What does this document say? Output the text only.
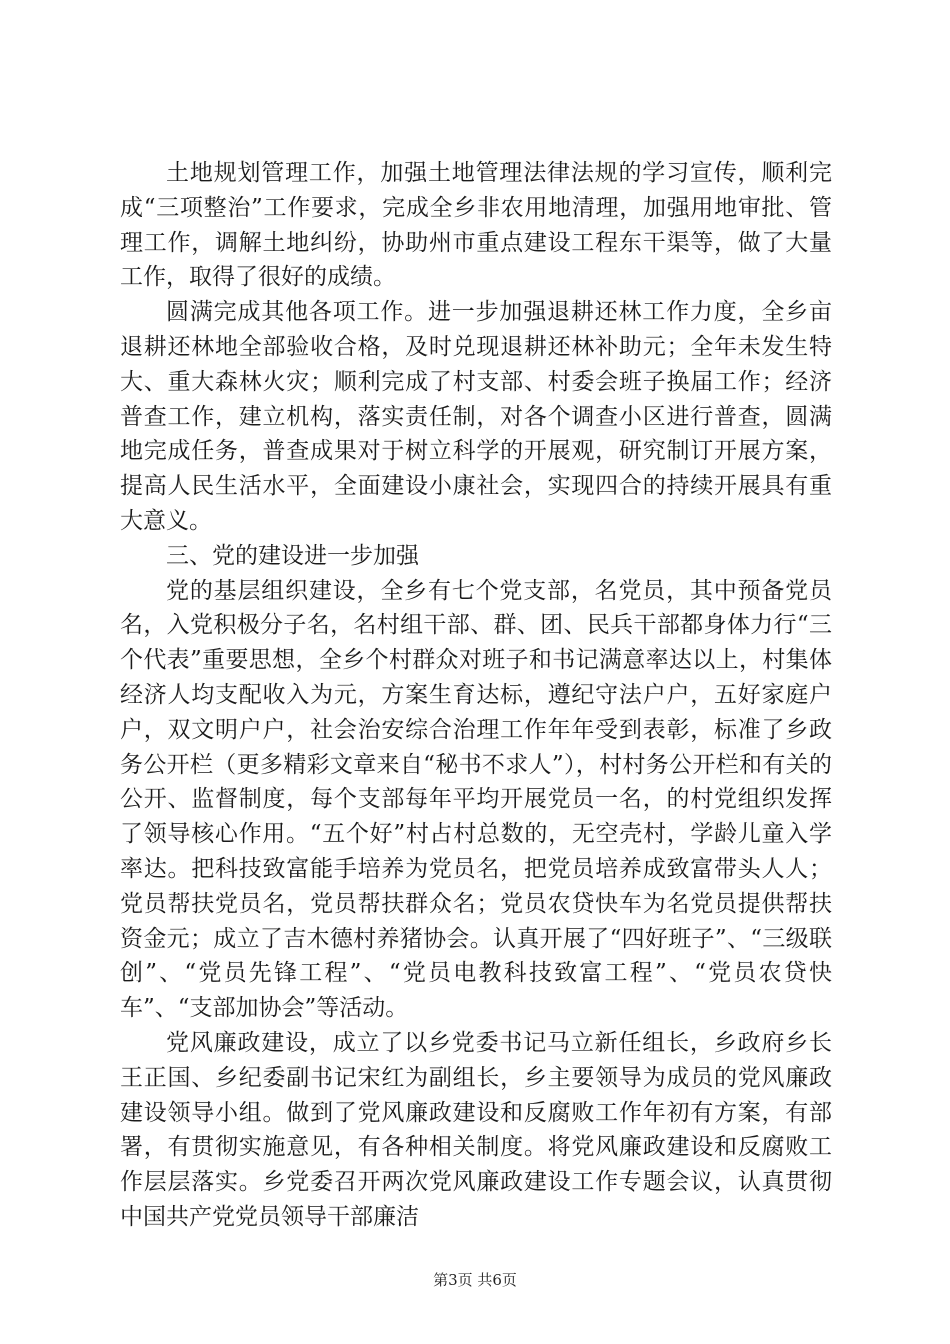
土地规划管理工作，加强土地管理法律法规的学习宣传，顺利完成“三项整治”工作要求，完成全乡非农用地清理，加强用地审批、管理工作，调解土地纠纷，协助州市重点建设工程东干渠等，做了大量工作，取得了很好的成绩。

圆满完成其他各项工作。进一步加强退耕还林工作力度，全乡亩退耕还林地全部验收合格，及时兑现退耕还林补助元；全年未发生特大、重大森林火灾；顺利完成了村支部、村委会班子换届工作；经济普查工作，建立机构，落实责任制，对各个调查小区进行普查，圆满地完成任务，普查成果对于树立科学的开展观，研究制订开展方案，提高人民生活水平，全面建设小康社会，实现四合的持续开展具有重大意义。

三、党的建设进一步加强

党的基层组织建设，全乡有七个党支部，名党员，其中预备党员名，入党积极分子名，名村组干部、群、团、民兵干部都身体力行“三个代表”重要思想，全乡个村群众对班子和书记满意率达以上，村集体经济人均支配收入为元，方案生育达标，遵纪守法户户，五好家庭户户，双文明户户，社会治安综合治理工作年年受到表彰，标准了乡政务公开栏（更多精彩文章来自“秘书不求人”），村村务公开栏和有关的公开、监督制度，每个支部每年平均开展党员一名，的村党组织发挥了领导核心作用。“五个好”村占村总数的，无空壳村，学龄儿童入学率达。把科技致富能手培养为党员名，把党员培养成致富带头人人；党员帮扶党员名，党员帮扶群众名；党员农贷快车为名党员提供帮扶资金元；成立了吉木德村养猪协会。认真开展了“四好班子”、“三级联创”、“党员先锋工程”、“党员电教科技致富工程”、“党员农贷快车”、“支部加协会”等活动。

党风廉政建设，成立了以乡党委书记马立新任组长，乡政府乡长王正国、乡纪委副书记宋红为副组长，乡主要领导为成员的党风廉政建设领导小组。做到了党风廉政建设和反腐败工作年初有方案，有部署，有贯彻实施意见，有各种相关制度。将党风廉政建设和反腐败工作层层落实。乡党委召开两次党风廉政建设工作专题会议，认真贯彻中国共产党党员领导干部廉洁

第3页 共6页
